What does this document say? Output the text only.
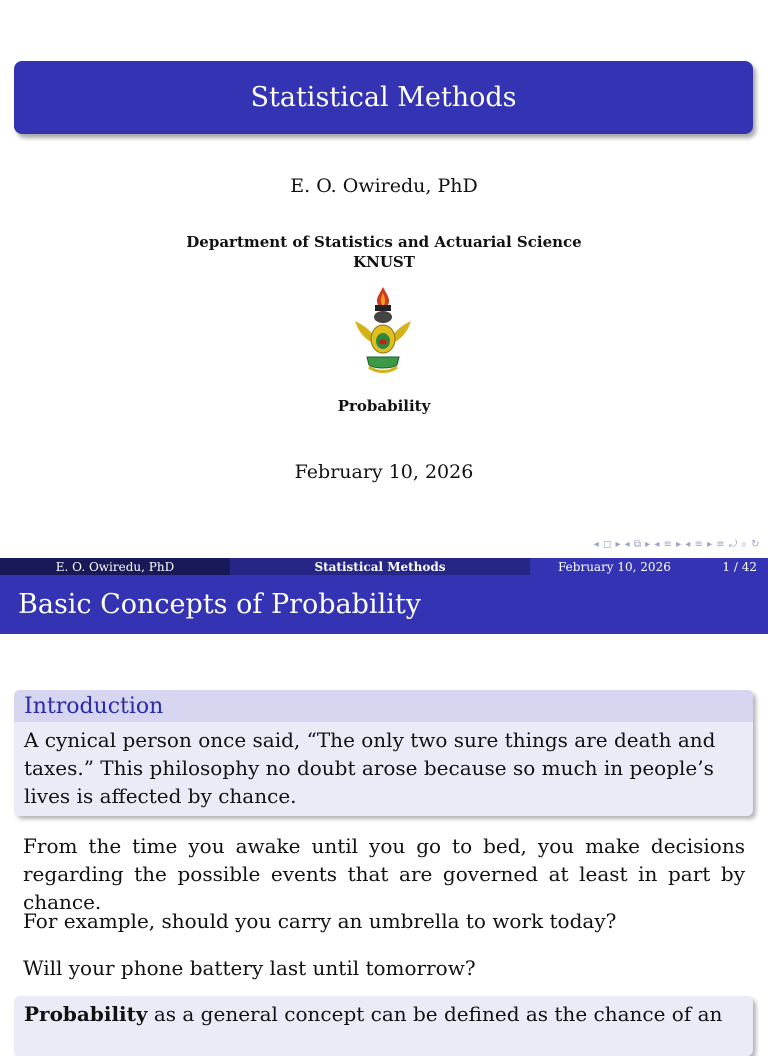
Statistical Methods
E. O. Owiredu, PhD
Department of Statistics and Actuarial Science
KNUST
Probability
February 10, 2026
◂ ◻ ▸ ◂ ⧉ ▸ ◂ ≡ ▸ ◂ ≡ ▸ ≡ ⤾ ⌕ ↻
E. O. Owiredu, PhD	Statistical Methods	February 10, 2026	1 / 42
Basic Concepts of Probability
Introduction
A cynical person once said, “The only two sure things are death and taxes.” This philosophy no doubt arose because so much in people’s lives is affected by chance.
From the time you awake until you go to bed, you make decisions regarding the possible events that are governed at least in part by chance.
For example, should you carry an umbrella to work today?
Will your phone battery last until tomorrow?
Probability as a general concept can be defined as the chance of an
